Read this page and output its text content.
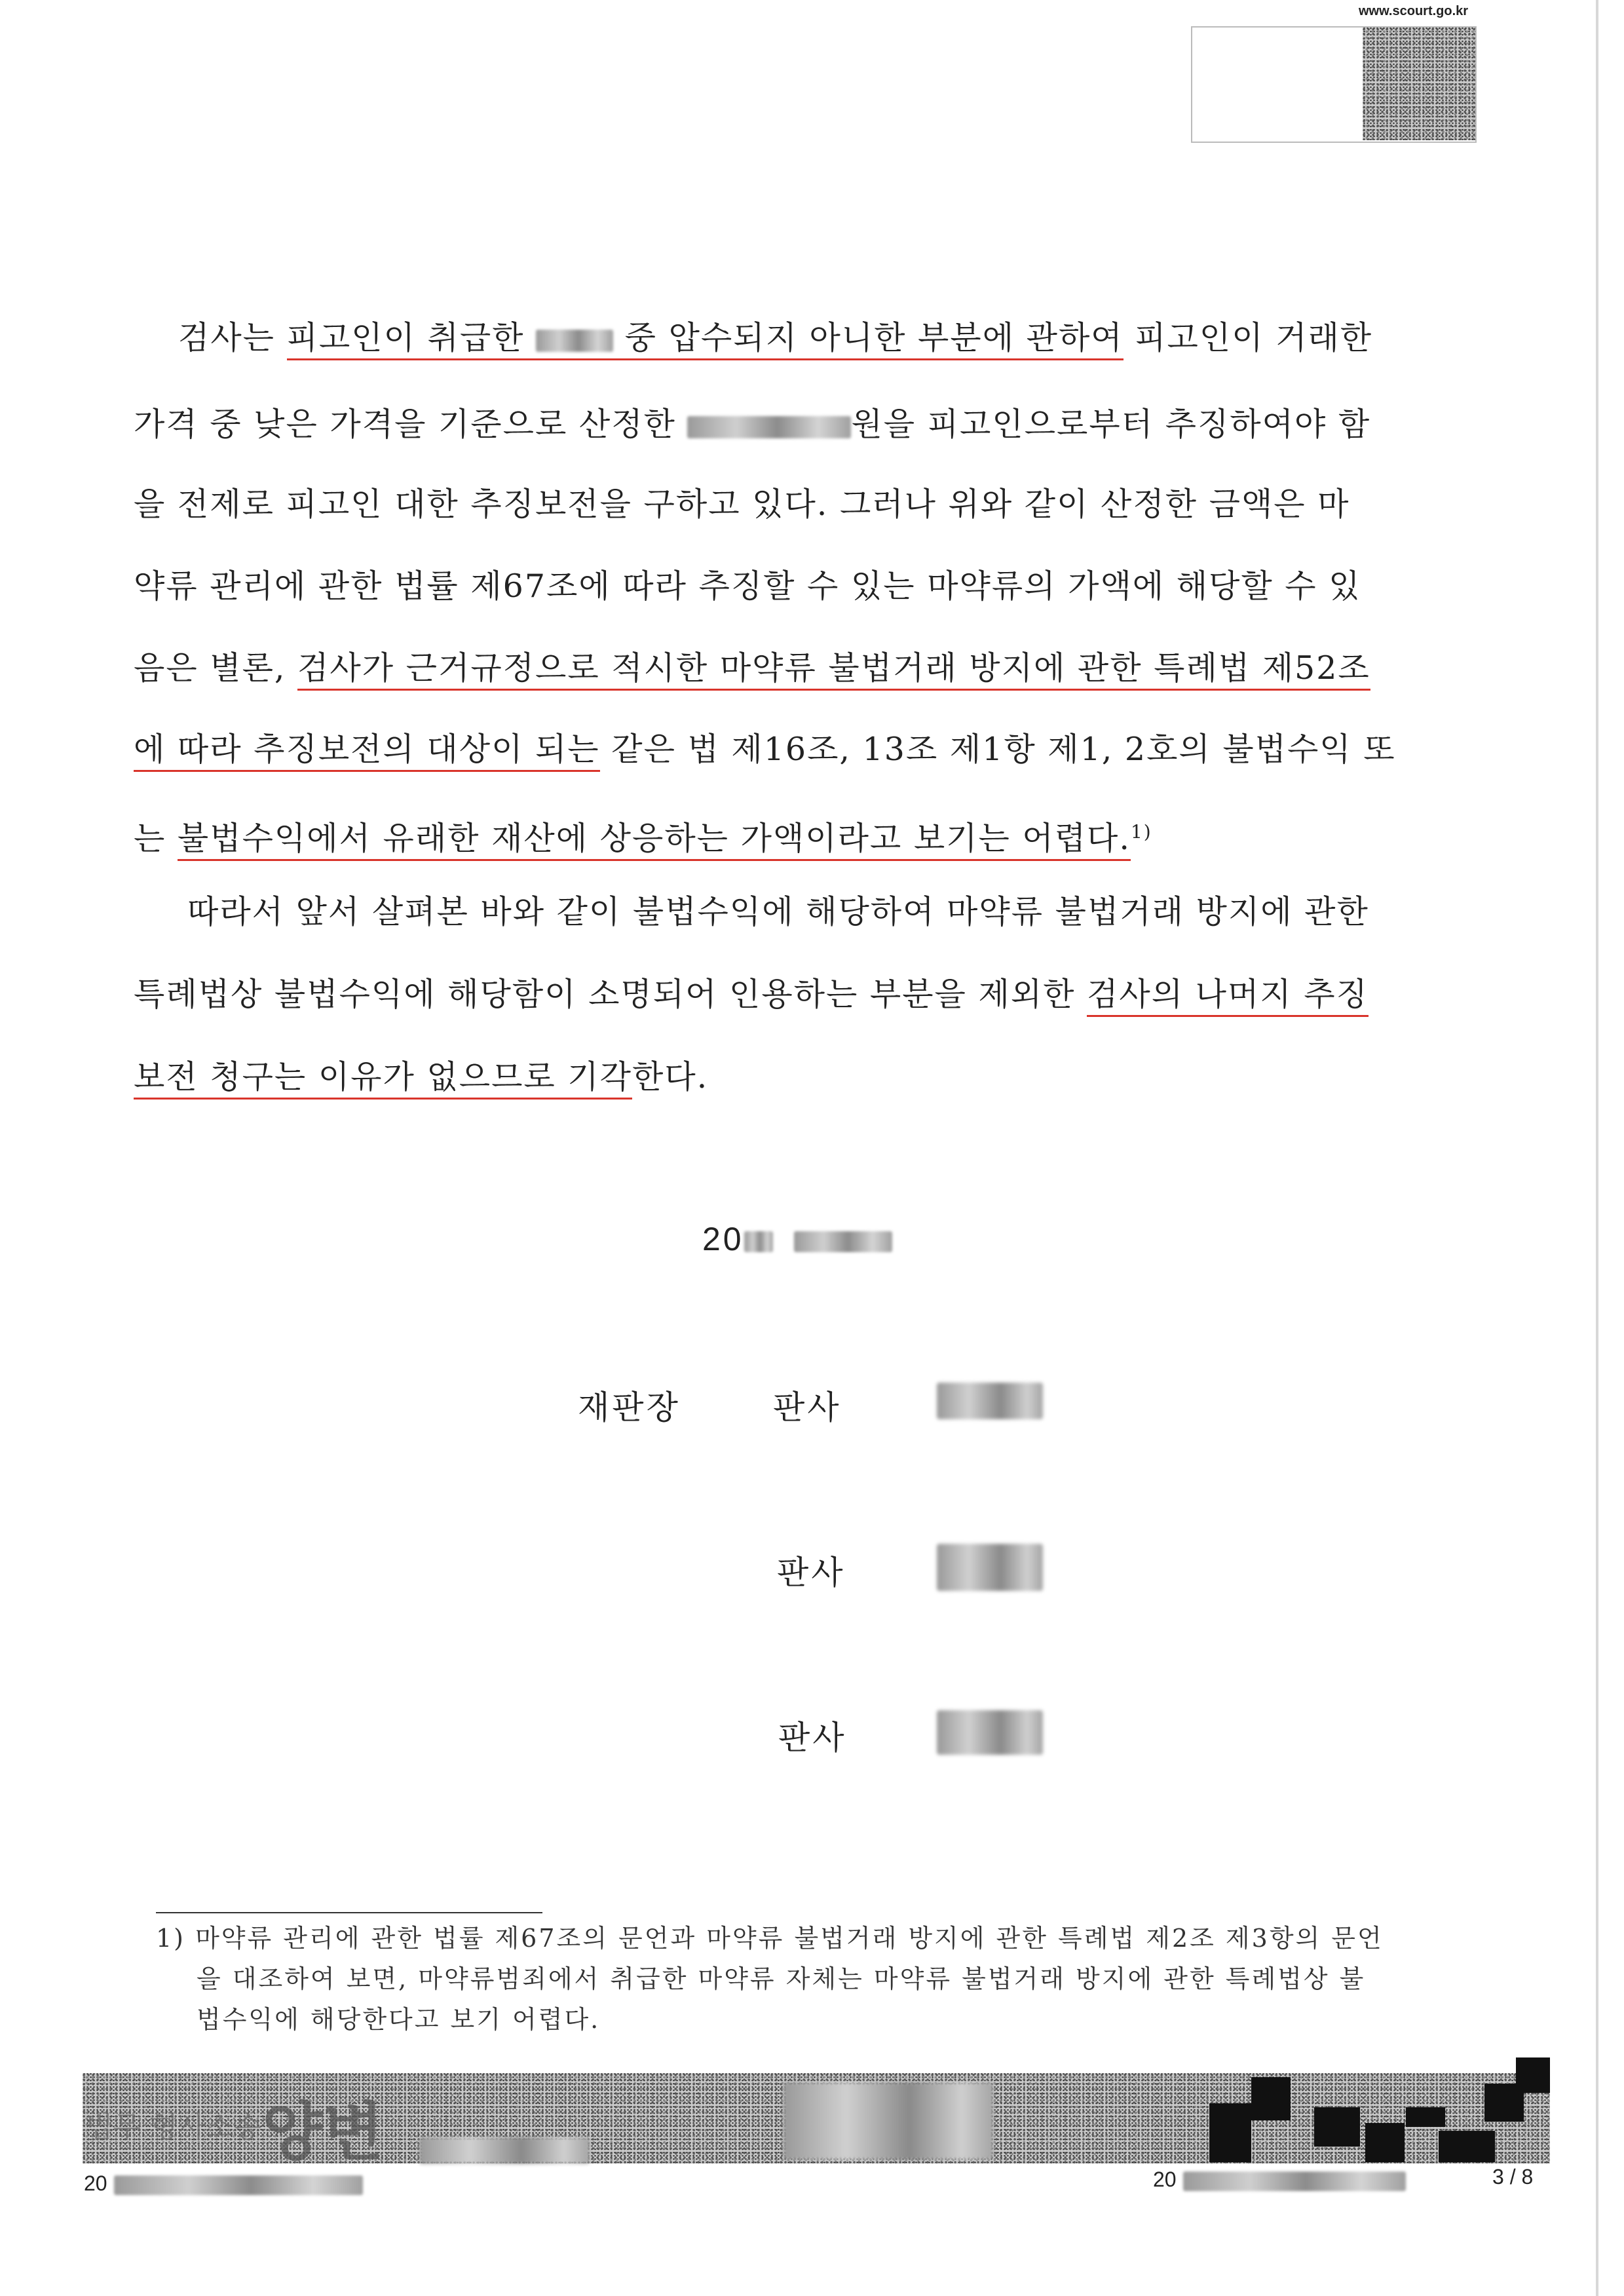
www.scourt.go.kr
검사는 피고인이 취급한  중 압수되지 아니한 부분에 관하여 피고인이 거래한
가격 중 낮은 가격을 기준으로 산정한	원을 피고인으로부터 추징하여야 함
을 전제로 피고인 대한 추징보전을 구하고 있다. 그러나 위와 같이 산정한 금액은 마
약류 관리에 관한 법률 제67조에 따라 추징할 수 있는 마약류의 가액에 해당할 수 있
음은 별론, 검사가 근거규정으로 적시한 마약류 불법거래 방지에 관한 특례법 제52조
에 따라 추징보전의 대상이 되는 같은 법 제16조, 13조 제1항 제1, 2호의 불법수익 또
는 불법수익에서 유래한 재산에 상응하는 가액이라고 보기는 어렵다.$^{1)}$
따라서 앞서 살펴본 바와 같이 불법수익에 해당하여 마약류 불법거래 방지에 관한
특례법상 불법수익에 해당함이 소명되어 인용하는 부분을 제외한 검사의 나머지 추징
보전 청구는 이유가 없으므로 기각한다.
20
재판장	판사
판사
판사
1) 마약류 관리에 관한 법률 제67조의 문언과 마약류 불법거래 방지에 관한 특례법 제2조 제3항의 문언
을 대조하여 보면, 마약류범죄에서 취급한 마약류 자체는 마약류 불법거래 방지에 관한 특례법상 불
법수익에 해당한다고 보기 어렵다.
법무 형사소송 양변
20	20	3 / 8
